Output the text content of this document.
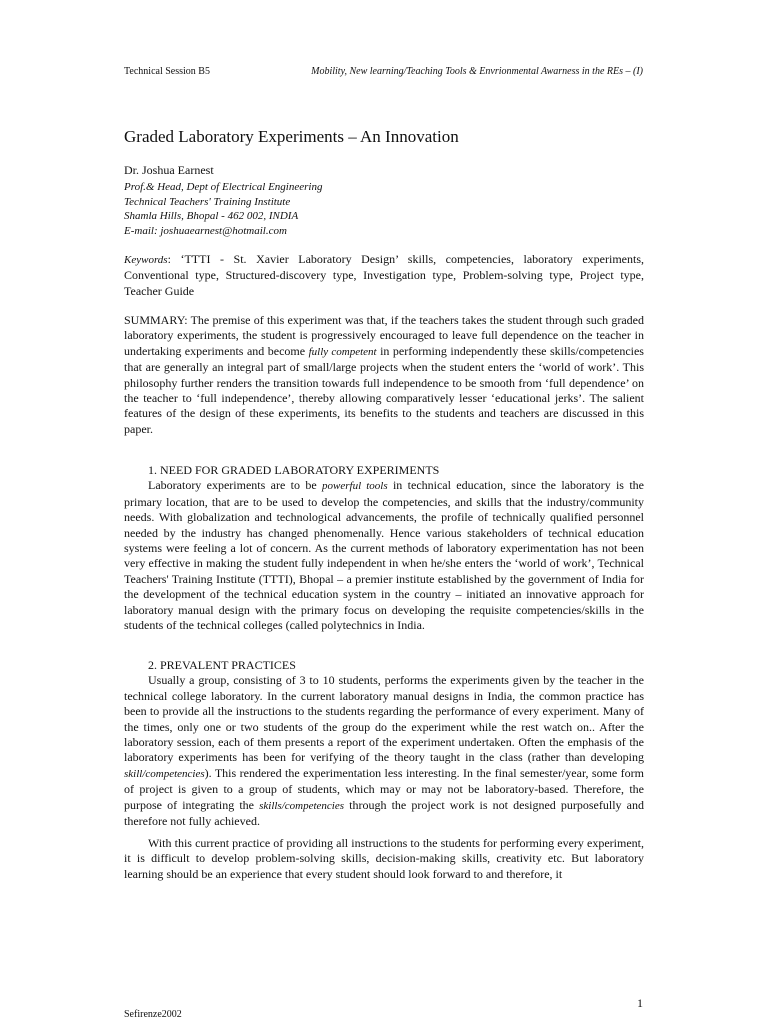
Technical Session B5	Mobility, New learning/Teaching Tools & Envrionmental Awarness in the REs – (I)
Graded Laboratory Experiments – An Innovation
Dr. Joshua Earnest
Prof.& Head, Dept of Electrical Engineering
Technical Teachers' Training Institute
Shamla Hills, Bhopal - 462 002, INDIA
E-mail: joshuaearnest@hotmail.com

Keywords: ‘TTTI - St. Xavier Laboratory Design’ skills, competencies, laboratory experiments, Conventional type, Structured-discovery type, Investigation type, Problem-solving type, Project type, Teacher Guide

SUMMARY: The premise of this experiment was that, if the teachers takes the student through such graded laboratory experiments, the student is progressively encouraged to leave full dependence on the teacher in undertaking experiments and become fully competent in performing independently these skills/competencies that are generally an integral part of small/large projects when the student enters the ‘world of work’. This philosophy further renders the transition towards full independence to be smooth from ‘full dependence’ on the teacher to ‘full independence’, thereby allowing comparatively lesser ‘educational jerks’. The salient features of the design of these experiments, its benefits to the students and teachers are discussed in this paper.

1. NEED FOR GRADED LABORATORY EXPERIMENTS

Laboratory experiments are to be powerful tools in technical education, since the laboratory is the primary location, that are to be used to develop the competencies, and skills that the industry/community needs. With globalization and technological advancements, the profile of technically qualified personnel needed by the industry has changed phenomenally. Hence various stakeholders of technical education systems were feeling a lot of concern. As the current methods of laboratory experimentation has not been very effective in making the student fully independent in when he/she enters the ‘world of work’, Technical Teachers' Training Institute (TTTI), Bhopal – a premier institute established by the government of India for the development of the technical education system in the country – initiated an innovative approach for laboratory manual design with the primary focus on developing the requisite competencies/skills in the students of the technical colleges (called polytechnics in India.

2. PREVALENT PRACTICES

Usually a group, consisting of 3 to 10 students, performs the experiments given by the teacher in the technical college laboratory. In the current laboratory manual designs in India, the common practice has been to provide all the instructions to the students regarding the performance of every experiment. Many of the times, only one or two students of the group do the experiment while the rest watch on.. After the laboratory session, each of them presents a report of the experiment undertaken. Often the emphasis of the laboratory experiments has been for verifying of the theory taught in the class (rather than developing skill/competencies). This rendered the experimentation less interesting. In the final semester/year, some form of project is given to a group of students, which may or may not be laboratory-based. Therefore, the purpose of integrating the skills/competencies through the project work is not designed purposefully and therefore not fully achieved.

With this current practice of providing all instructions to the students for performing every experiment, it is difficult to develop problem-solving skills, decision-making skills, creativity etc. But laboratory learning should be an experience that every student should look forward to and therefore, it

1
Sefirenze2002
